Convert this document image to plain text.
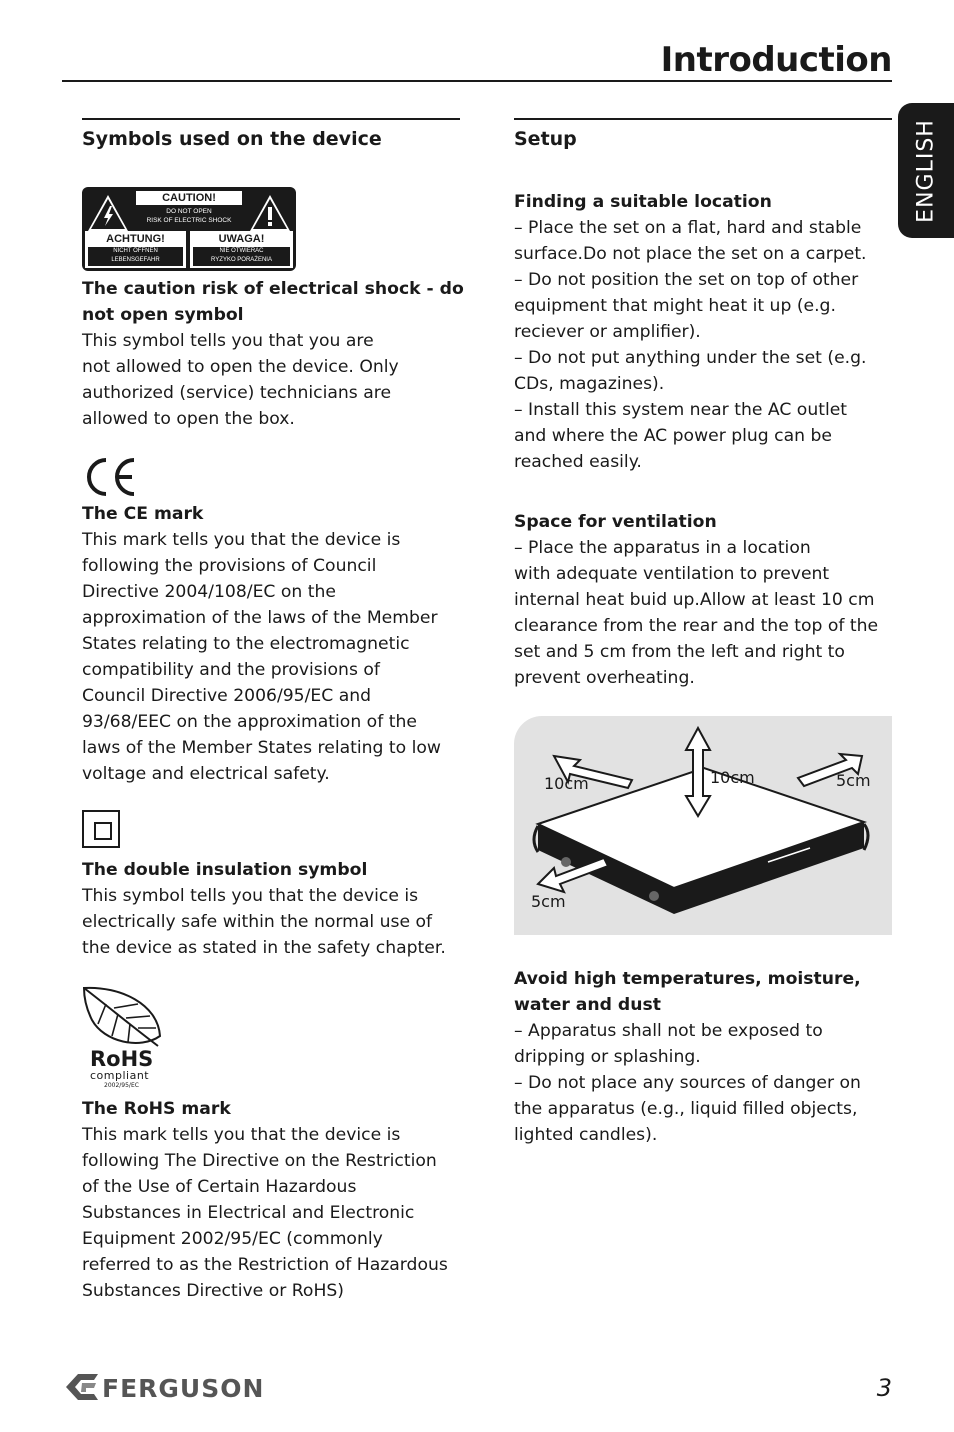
Introduction
ENGLISH
Symbols used on the device
CAUTION!
DO NOT OPEN
RISK OF ELECTRIC SHOCK
ACHTUNG!
NICHT ÖFFNEN
LEBENSGEFAHR
UWAGA!
NIE OTWIERAĆ
RYZYKO PORAŻENIA
The caution risk of electrical shock - do
not open symbol
This symbol tells you that you are
not allowed to open the device. Only
authorized (service) technicians are
allowed to open the box.
The CE mark
This mark tells you that the device is
following the provisions of Council
Directive 2004/108/EC on the
approximation of the laws of the Member
States relating to the electromagnetic
compatibility and the provisions of
Council Directive 2006/95/EC and
93/68/EEC on the approximation of the
laws of the Member States relating to low
voltage and electrical safety.
The double insulation symbol
This symbol tells you that the device is
electrically safe within the normal use of
the device as stated in the safety chapter.
RoHS
compliant
2002/95/EC
The RoHS mark
This mark tells you that the device is
following The Directive on the Restriction
of the Use of Certain Hazardous
Substances in Electrical and Electronic
Equipment 2002/95/EC (commonly
referred to as the Restriction of Hazardous
Substances Directive or RoHS)
Setup
Finding a suitable location
– Place the set on a flat, hard and stable
surface.Do not place the set on a carpet.
– Do not position the set on top of other
equipment that might heat it up (e.g.
reciever or amplifier).
– Do not put anything under the set (e.g.
CDs, magazines).
– Install this system near the AC outlet
and where the AC power plug can be
reached easily.
Space for ventilation
– Place the apparatus in a location
with adequate ventilation to prevent
internal heat buid up.Allow at least 10 cm
clearance from the rear and the top of the
set and 5 cm from the left and right to
prevent overheating.
10cm	10cm	5cm
5cm
Avoid high temperatures, moisture,
water and dust
– Apparatus shall not be exposed to
dripping or splashing.
– Do not place any sources of danger on
the apparatus (e.g., liquid filled objects,
lighted candles).
FERGUSON	3
